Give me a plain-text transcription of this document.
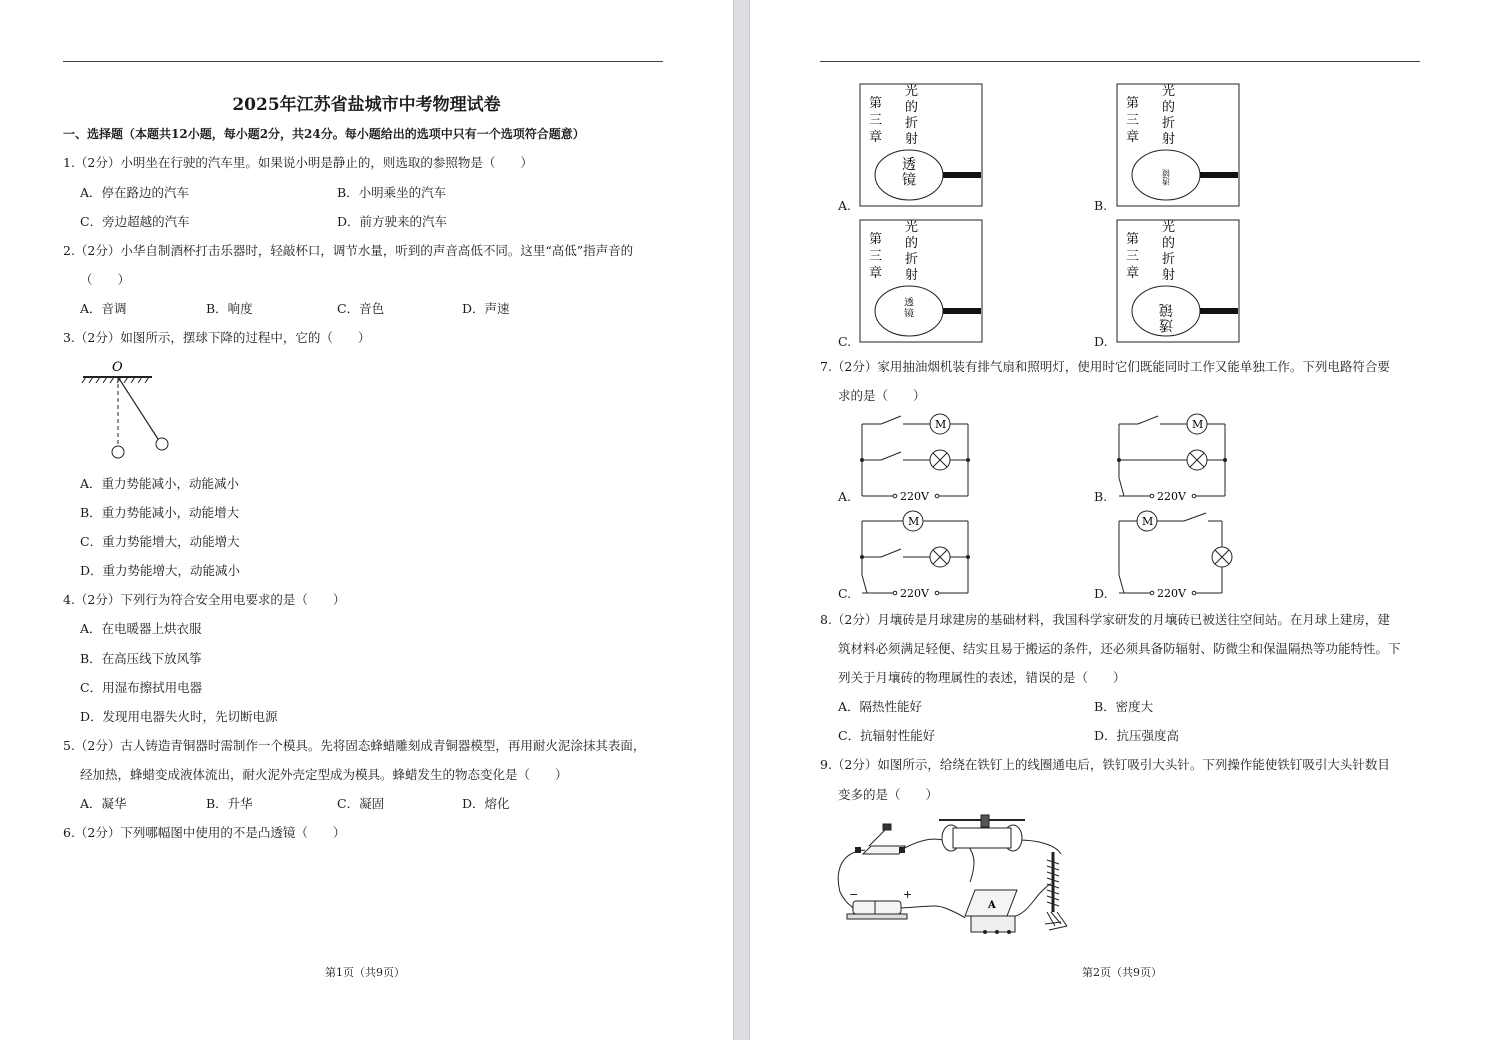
2025年江苏省盐城市中考物理试卷
一、选择题（本题共12小题，每小题2分，共24分。每小题给出的选项中只有一个选项符合题意）
1.（2分）小明坐在行驶的汽车里。如果说小明是静止的，则选取的参照物是（　　）
A．停在路边的汽车	B．小明乘坐的汽车
C．旁边超越的汽车	D．前方驶来的汽车
2.（2分）小华自制酒杯打击乐器时，轻敲杯口，调节水量，听到的声音高低不同。这里“高低”指声音的
（　　）
A．音调	B．响度	C．音色	D．声速
3.（2分）如图所示，摆球下降的过程中，它的（　　）
O
A．重力势能减小，动能减小
B．重力势能减小，动能增大
C．重力势能增大，动能增大
D．重力势能增大，动能减小
4.（2分）下列行为符合安全用电要求的是（　　）
A．在电暖器上烘衣服
B．在高压线下放风筝
C．用湿布擦拭用电器
D．发现用电器失火时，先切断电源
5.（2分）古人铸造青铜器时需制作一个模具。先将固态蜂蜡雕刻成青铜器模型，再用耐火泥涂抹其表面，
经加热，蜂蜡变成液体流出，耐火泥外壳定型成为模具。蜂蜡发生的物态变化是（　　）
A．凝华	B．升华	C．凝固	D．熔化
6.（2分）下列哪幅图中使用的不是凸透镜（　　）
第1页（共9页）
A.	B.
C.	D.
第
三
章
光
的
折
射
透
镜
第
三
章
光
的
折
射
透
镜
第
三
章
光
的
折
射
透
镜
第
三
章
光
的
折
射
透
镜
7.（2分）家用抽油烟机装有排气扇和照明灯，使用时它们既能同时工作又能单独工作。下列电路符合要
求的是（　　）
A.	B.
C.	D.
M
220V
M
220V
M
220V
M
220V
8.（2分）月壤砖是月球建房的基础材料，我国科学家研发的月壤砖已被送往空间站。在月球上建房，建
筑材料必须满足轻便、结实且易于搬运的条件，还必须具备防辐射、防微尘和保温隔热等功能特性。下
列关于月壤砖的物理属性的表述，错误的是（　　）
A．隔热性能好	B．密度大
C．抗辐射性能好	D．抗压强度高
9.（2分）如图所示，给绕在铁钉上的线圈通电后，铁钉吸引大头针。下列操作能使铁钉吸引大头针数目
变多的是（　　）
−	+
A
第2页（共9页）
